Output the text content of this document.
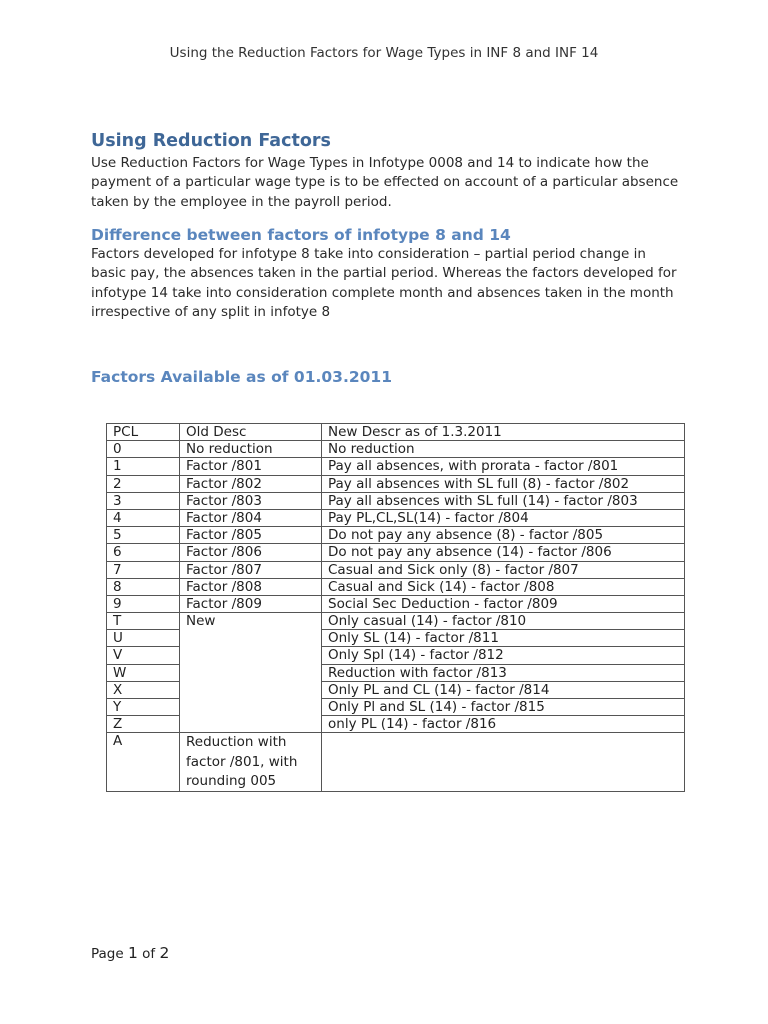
Using the Reduction Factors for Wage Types in INF 8 and INF 14
Using Reduction Factors

Use Reduction Factors for Wage Types in Infotype 0008 and 14 to indicate how the payment of a particular wage type is to be effected on account of a particular absence taken by the employee in the payroll period.

Difference between factors of infotype 8 and 14

Factors developed for infotype 8 take into consideration – partial period change in basic pay, the absences taken in the partial period. Whereas the factors developed for infotype 14 take into consideration complete month and absences taken in the month irrespective of any split in infotye 8

Factors Available as of 01.03.2011
PCL	Old Desc	New Descr as of 1.3.2011
0	No reduction	No reduction
1	Factor /801	Pay all absences, with prorata - factor /801
2	Factor /802	Pay all absences with SL full (8) - factor /802
3	Factor /803	Pay all absences with SL full (14) - factor /803
4	Factor /804	Pay PL,CL,SL(14) - factor /804
5	Factor /805	Do not pay any absence (8) - factor /805
6	Factor /806	Do not pay any absence (14) - factor /806
7	Factor /807	Casual and Sick only (8) - factor /807
8	Factor /808	Casual and Sick (14) - factor /808
9	Factor /809	Social Sec Deduction - factor /809
T	New	Only casual (14) - factor /810
U		Only SL (14) - factor /811
V		Only Spl (14) - factor /812
W		Reduction with factor /813
X		Only PL and CL (14) - factor /814
Y		Only Pl and SL (14) - factor /815
Z		only PL (14) - factor /816
A	Reduction with factor /801, with rounding 005	
Page 1 of 2
